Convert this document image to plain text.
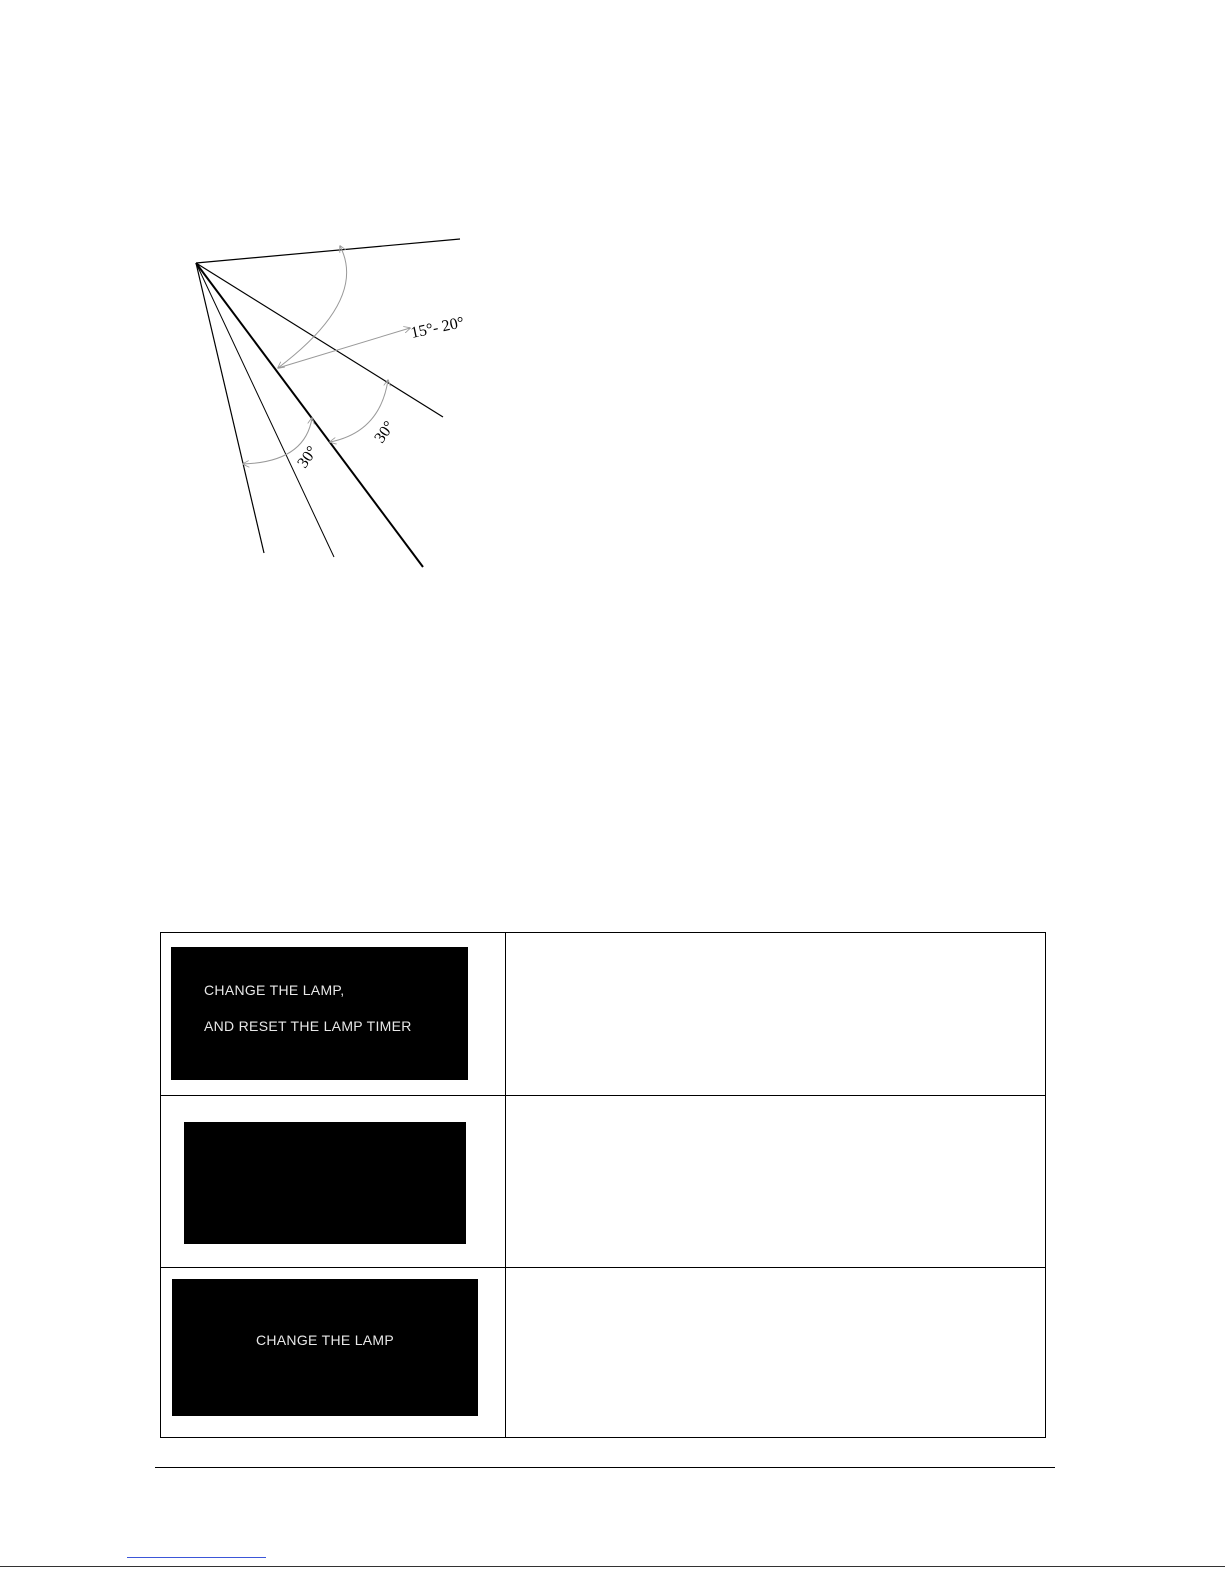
15°- 20°
30°
30°
CHANGE THE LAMP,
AND RESET THE LAMP TIMER	

CHANGE THE LAMP	
